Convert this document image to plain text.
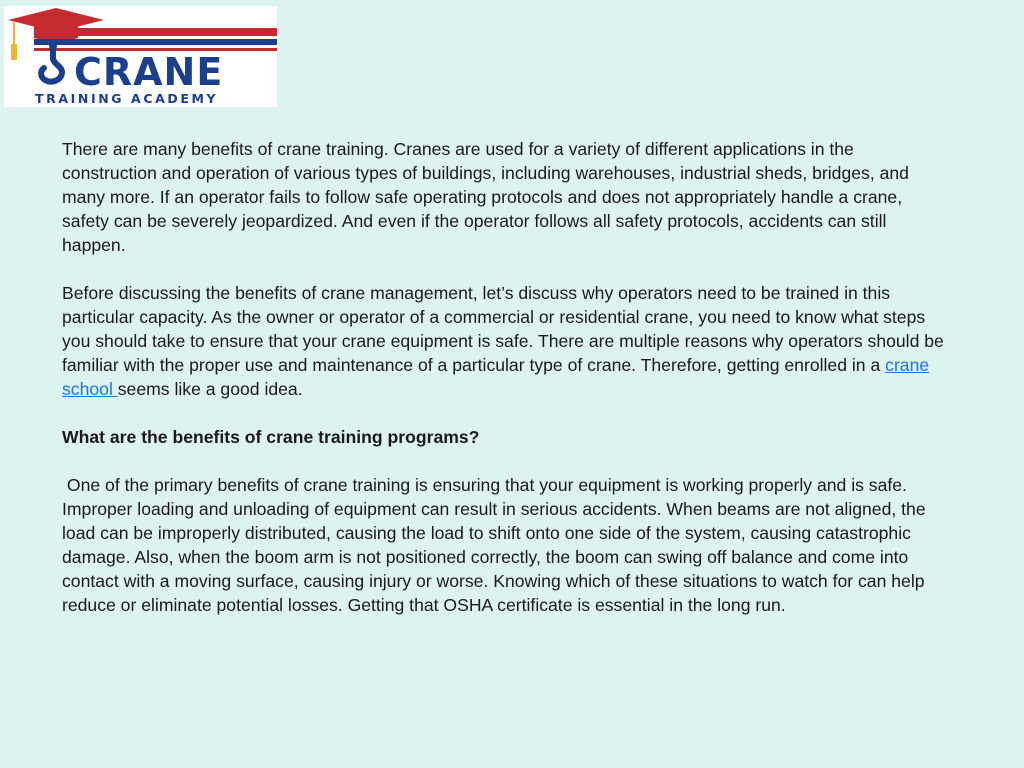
CRANE
TRAINING ACADEMY

There are many benefits of crane training. Cranes are used for a variety of different applications in the construction and operation of various types of buildings, including warehouses, industrial sheds, bridges, and many more. If an operator fails to follow safe operating protocols and does not appropriately handle a crane, safety can be severely jeopardized. And even if the operator follows all safety protocols, accidents can still happen.

Before discussing the benefits of crane management, let’s discuss why operators need to be trained in this particular capacity. As the owner or operator of a commercial or residential crane, you need to know what steps you should take to ensure that your crane equipment is safe. There are multiple reasons why operators should be familiar with the proper use and maintenance of a particular type of crane. Therefore, getting enrolled in a crane school seems like a good idea.

What are the benefits of crane training programs?

One of the primary benefits of crane training is ensuring that your equipment is working properly and is safe. Improper loading and unloading of equipment can result in serious accidents. When beams are not aligned, the load can be improperly distributed, causing the load to shift onto one side of the system, causing catastrophic damage. Also, when the boom arm is not positioned correctly, the boom can swing off balance and come into contact with a moving surface, causing injury or worse. Knowing which of these situations to watch for can help reduce or eliminate potential losses. Getting that OSHA certificate is essential in the long run.
